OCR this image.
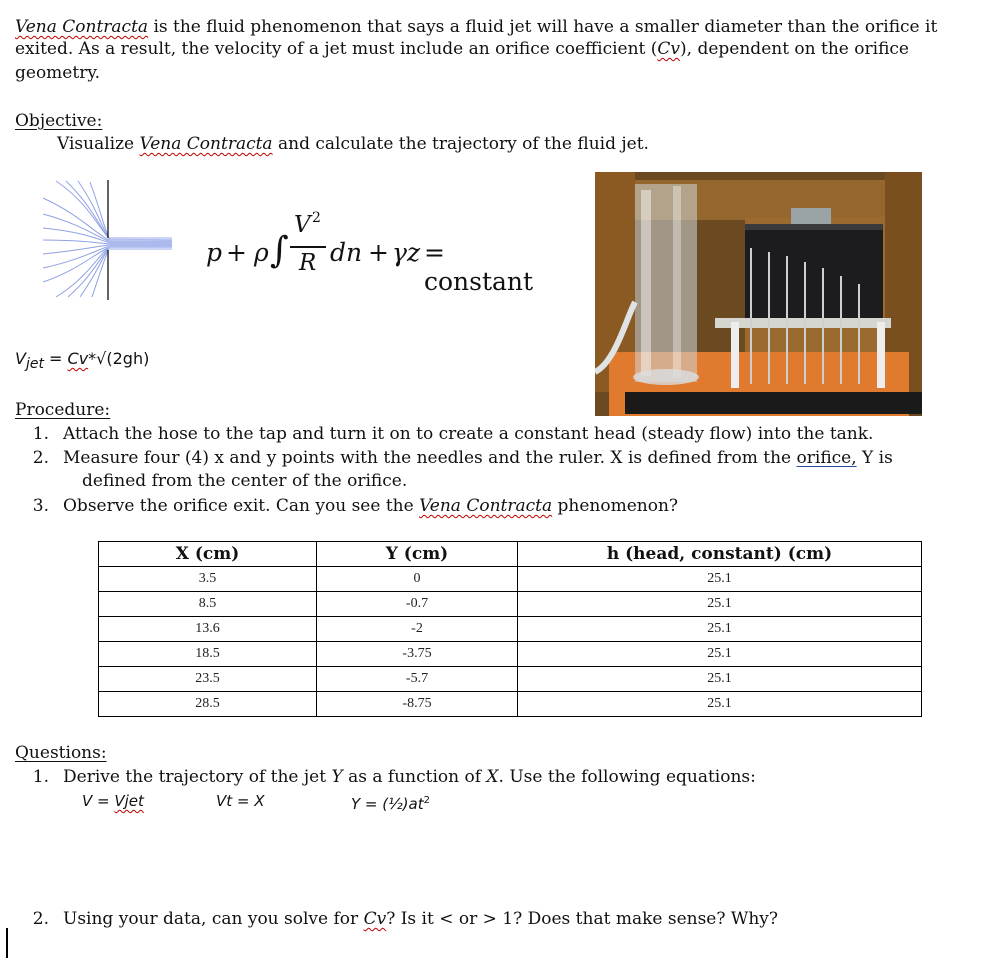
Vena Contracta is the fluid phenomenon that says a fluid jet will have a smaller diameter than the orifice it
exited. As a result, the velocity of a jet must include an orifice coefficient (Cv), dependent on the orifice
geometry.
Objective:
Visualize Vena Contracta and calculate the trajectory of the fluid jet.
p + ρ ∫
V 2
R dn + γz = constant
$V_{jet} = Cv*√(2gh)$
Procedure:
1. Attach the hose to the tap and turn it on to create a constant head (steady flow) into the tank.
2. Measure four (4) x and y points with the needles and the ruler. X is defined from the orifice, Y is
defined from the center of the orifice.
3. Observe the orifice exit. Can you see the Vena Contracta phenomenon?
X (cm)	Y (cm)	h (head, constant) (cm)
3.5	0	25.1
8.5	-0.7	25.1
13.6	-2	25.1
18.5	-3.75	25.1
23.5	-5.7	25.1
28.5	-8.75	25.1
Questions:
1. Derive the trajectory of the jet Y as a function of X. Use the following equations:
V = Vjet	Vt = X	$Y = (\frac{1}{2})at^2$
2. Using your data, can you solve for Cv? Is it < or > 1? Does that make sense? Why?
